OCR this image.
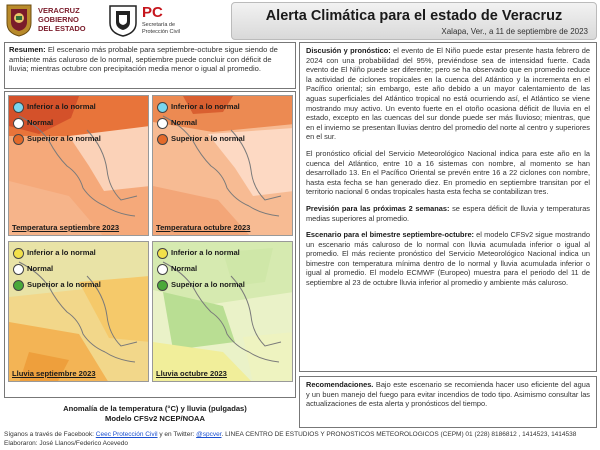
VERACRUZ
GOBIERNO
DEL ESTADO
PC
Secretaría de
Protección Civil
Alerta Climática para el estado de Veracruz
Xalapa, Ver., a 11 de septiembre de 2023
Resumen: El escenario más probable para septiembre-octubre sigue siendo de ambiente más caluroso de lo normal, septiembre puede concluir con déficit de lluvia; mientras octubre con precipitación media menor o igual al promedio.
Inferior a lo normal
Normal
Superior a lo normal
Temperatura septiembre 2023
Inferior a lo normal
Normal
Superior a lo normal
Temperatura octubre 2023
Inferior a lo normal
Normal
Superior a lo normal
Lluvia septiembre 2023
Inferior a lo normal
Normal
Superior a lo normal
Lluvia octubre 2023
Anomalía de la temperatura (°C) y lluvia (pulgadas)
Modelo CFSv2 NCEP/NOAA

Discusión y pronóstico: el evento de El Niño puede estar presente hasta febrero de 2024 con una probabilidad del 95%, previéndose sea de intensidad fuerte. Cada evento de El Niño puede ser diferente; pero se ha observado que en promedio reduce la actividad de ciclones tropicales en la cuenca del Atlántico y la incrementa en el Pacífico oriental; sin embargo, este año debido a un mayor calentamiento de las aguas superficiales del Atlántico tropical no está ocurriendo así, el Atlántico se viene mostrando muy activo. Un evento fuerte en el otoño ocasiona déficit de lluvia en el estado, excepto en las cuencas del sur donde puede ser más lluvioso; mientras, que en el invierno se presentan lluvias dentro del promedio del norte al centro y superiores en el sur.

El pronóstico oficial del Servicio Meteorológico Nacional indica para este año en la cuenca del Atlántico, entre 10 a 16 sistemas con nombre, al momento se han desarrollado 13. En el Pacífico Oriental se prevén entre 16 a 22 ciclones con nombre, hasta esta fecha se han generado diez. En promedio en septiembre transitan por el territorio nacional 6 ondas tropicales hasta esta fecha se contabilizan tres.

Previsión para las próximas 2 semanas: se espera déficit de lluvia y temperaturas medias superiores al promedio.

Escenario para el bimestre septiembre-octubre: el modelo CFSv2 sigue mostrando un escenario más caluroso de lo normal con lluvia acumulada inferior o igual al promedio. El más reciente pronóstico del Servicio Meteorológico Nacional indica un bimestre con temperatura mínima dentro de lo normal y lluvia acumulada inferior o igual al promedio. El modelo ECMWF (Europeo) muestra para el periodo del 11 de septiembre al 23 de octubre lluvia inferior al promedio y ambiente más caluroso.

Recomendaciones. Bajo este escenario se recomienda hacer uso eficiente del agua y un buen manejo del fuego para evitar incendios de todo tipo. Asimismo consultar las actualizaciones de esta alerta y pronósticos del tiempo.
Síganos a través de Facebook: Ceec Protección Civil y en Twitter: @spcver. LÍNEA CENTRO DE ESTUDIOS Y PRONÓSTICOS METEOROLÓGICOS (CEPM) 01 (228) 8186812 , 1414523, 1414538
Elaboraron: José Llanos/Federico Acevedo
